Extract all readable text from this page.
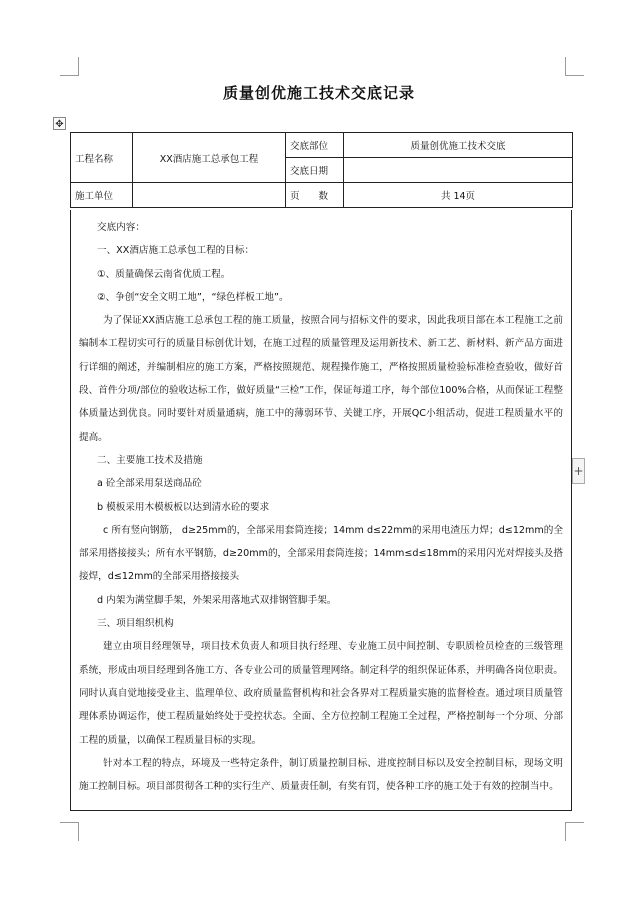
质量创优施工技术交底记录
✥
+
工程名称	XX酒店施工总承包工程	交底部位	质量创优施工技术交底
		交底日期	
施工单位		页　　数	共 14页

交底内容：

一、XX酒店施工总承包工程的目标：

①、质量确保云南省优质工程。

②、争创“安全文明工地”，“绿色样板工地”。

为了保证XX酒店施工总承包工程的施工质量，按照合同与招标文件的要求，因此我项目部在本工程施工之前编制本工程切实可行的质量目标创优计划，在施工过程的质量管理及运用新技术、新工艺、新材料、新产品方面进行详细的阐述，并编制相应的施工方案，严格按照规范、规程操作施工，严格按照质量检验标准检查验收，做好首段、首件分项/部位的验收达标工作，做好质量“三检”工作，保证每道工序，每个部位100%合格，从而保证工程整体质量达到优良。同时要针对质量通病，施工中的薄弱环节、关键工序，开展QC小组活动，促进工程质量水平的提高。

二、主要施工技术及措施

a 砼全部采用泵送商品砼

b 模板采用木模板板以达到清水砼的要求

c 所有竖向钢筋， d≥25mm的，全部采用套筒连接；14mm d≤22mm的采用电渣压力焊；d≤12mm的全部采用搭接接头；所有水平钢筋，d≥20mm的，全部采用套筒连接；14mm≤d≤18mm的采用闪光对焊接头及搭接焊，d≤12mm的全部采用搭接接头

d 内架为满堂脚手架，外架采用落地式双排钢管脚手架。

三、项目组织机构

建立由项目经理领导，项目技术负责人和项目执行经理、专业施工员中间控制、专职质检员检查的三级管理系统，形成由项目经理到各施工方、各专业公司的质量管理网络。制定科学的组织保证体系，并明确各岗位职责。同时认真自觉地接受业主、监理单位、政府质量监督机构和社会各界对工程质量实施的监督检查。通过项目质量管理体系协调运作，使工程质量始终处于受控状态。全面、全方位控制工程施工全过程，严格控制每一个分项、分部工程的质量，以确保工程质量目标的实现。

针对本工程的特点，环境及一些特定条件，制订质量控制目标、进度控制目标以及安全控制目标，现场文明施工控制目标。项目部贯彻各工种的实行生产、质量责任制，有奖有罚，使各种工序的施工处于有效的控制当中。
